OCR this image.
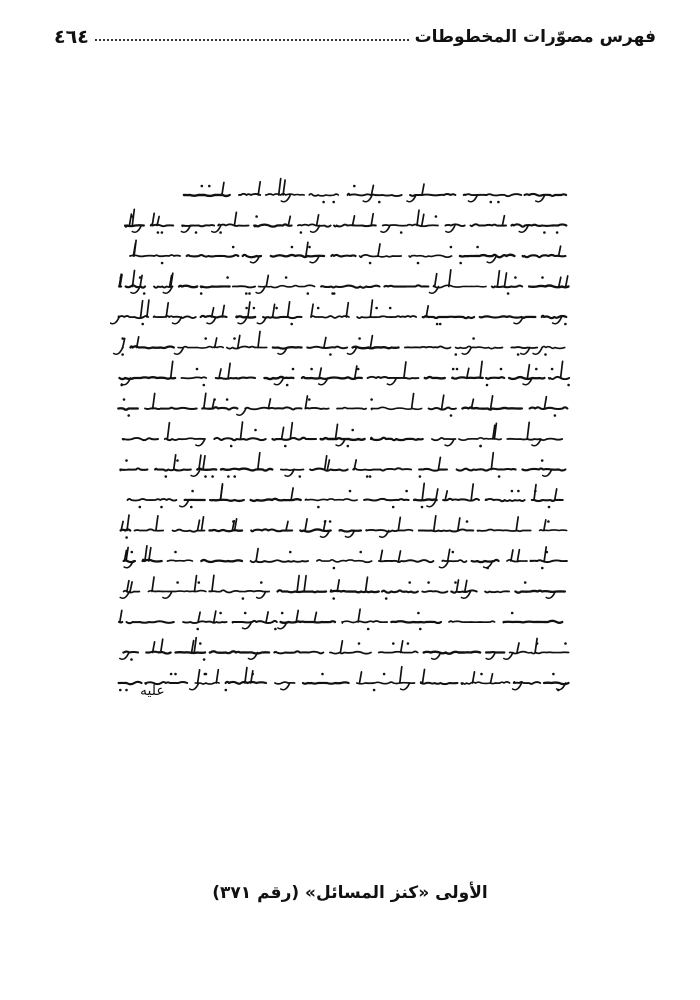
فهرس مصوّرات المخطوطات
٤٦٤
عليه
الأولى «كنز المسائل» (رقم ٣٧١)
